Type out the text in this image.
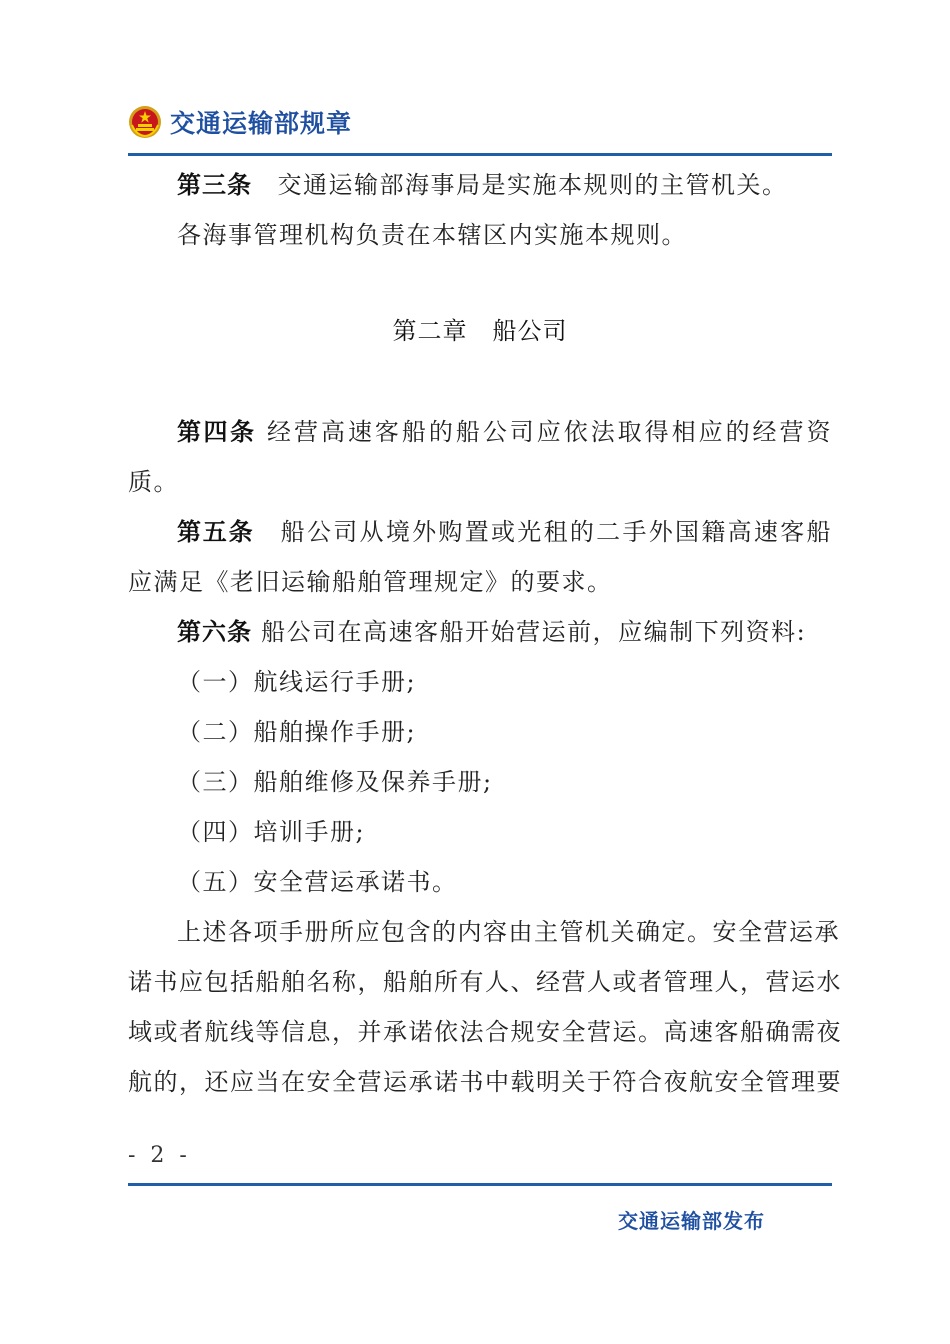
交通运输部规章
第三条　 交通运输部海事局是实施本规则的主管机关。
各海事管理机构负责在本辖区内实施本规则。
第二章　船公司
第四条 经营高速客船的船公司应依法取得相应的经营资
质。
第五条　 船公司从境外购置或光租的二手外国籍高速客船
应满足《老旧运输船舶管理规定》的要求。
第六条 船公司在高速客船开始营运前，应编制下列资料:
（一）航线运行手册;
（二）船舶操作手册;
（三）船舶维修及保养手册;
（四）培训手册;
（五）安全营运承诺书。
上述各项手册所应包含的内容由主管机关确定。安全营运承
诺书应包括船舶名称，船舶所有人、经营人或者管理人，营运水
域或者航线等信息，并承诺依法合规安全营运。高速客船确需夜
航的，还应当在安全营运承诺书中载明关于符合夜航安全管理要
- 2 -
交通运输部发布
